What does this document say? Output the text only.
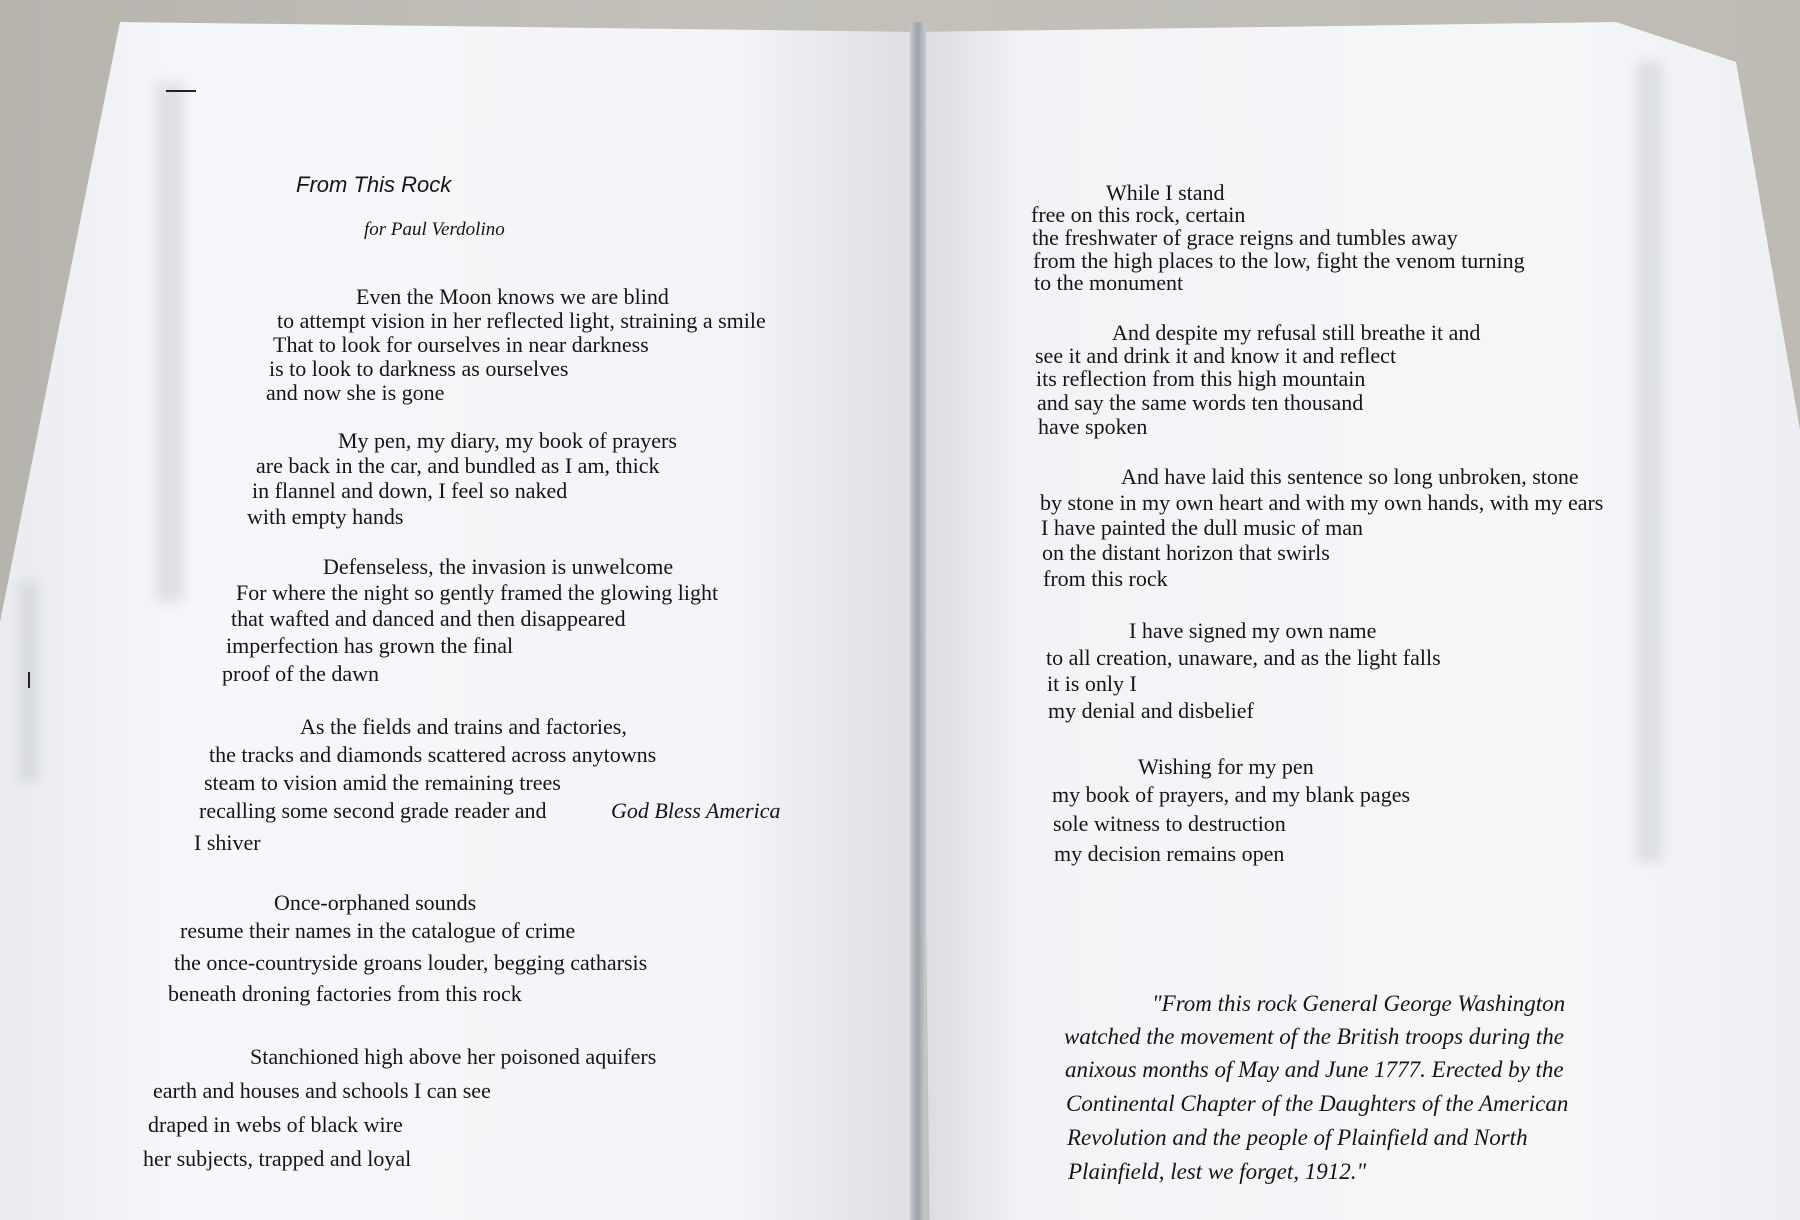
From This Rock
for Paul Verdolino
Even the Moon knows we are blind
to attempt vision in her reflected light, straining a smile
That to look for ourselves in near darkness
is to look to darkness as ourselves
and now she is gone
My pen, my diary, my book of prayers
are back in the car, and bundled as I am, thick
in flannel and down, I feel so naked
with empty hands
Defenseless, the invasion is unwelcome
For where the night so gently framed the glowing light
that wafted and danced and then disappeared
imperfection has grown the final
proof of the dawn
As the fields and trains and factories,
the tracks and diamonds scattered across anytowns
steam to vision amid the remaining trees
recalling some second grade reader and	God Bless America
I shiver
Once-orphaned sounds
resume their names in the catalogue of crime
the once-countryside groans louder, begging catharsis
beneath droning factories from this rock
Stanchioned high above her poisoned aquifers
earth and houses and schools I can see
draped in webs of black wire
her subjects, trapped and loyal
While I stand
free on this rock, certain
the freshwater of grace reigns and tumbles away
from the high places to the low, fight the venom turning
to the monument
And despite my refusal still breathe it and
see it and drink it and know it and reflect
its reflection from this high mountain
and say the same words ten thousand
have spoken
And have laid this sentence so long unbroken, stone
by stone in my own heart and with my own hands, with my ears
I have painted the dull music of man
on the distant horizon that swirls
from this rock
I have signed my own name
to all creation, unaware, and as the light falls
it is only I
my denial and disbelief
Wishing for my pen
my book of prayers, and my blank pages
sole witness to destruction
my decision remains open
"From this rock General George Washington
watched the movement of the British troops during the
anixous months of May and June 1777. Erected by the
Continental Chapter of the Daughters of the American
Revolution and the people of Plainfield and North
Plainfield, lest we forget, 1912."
